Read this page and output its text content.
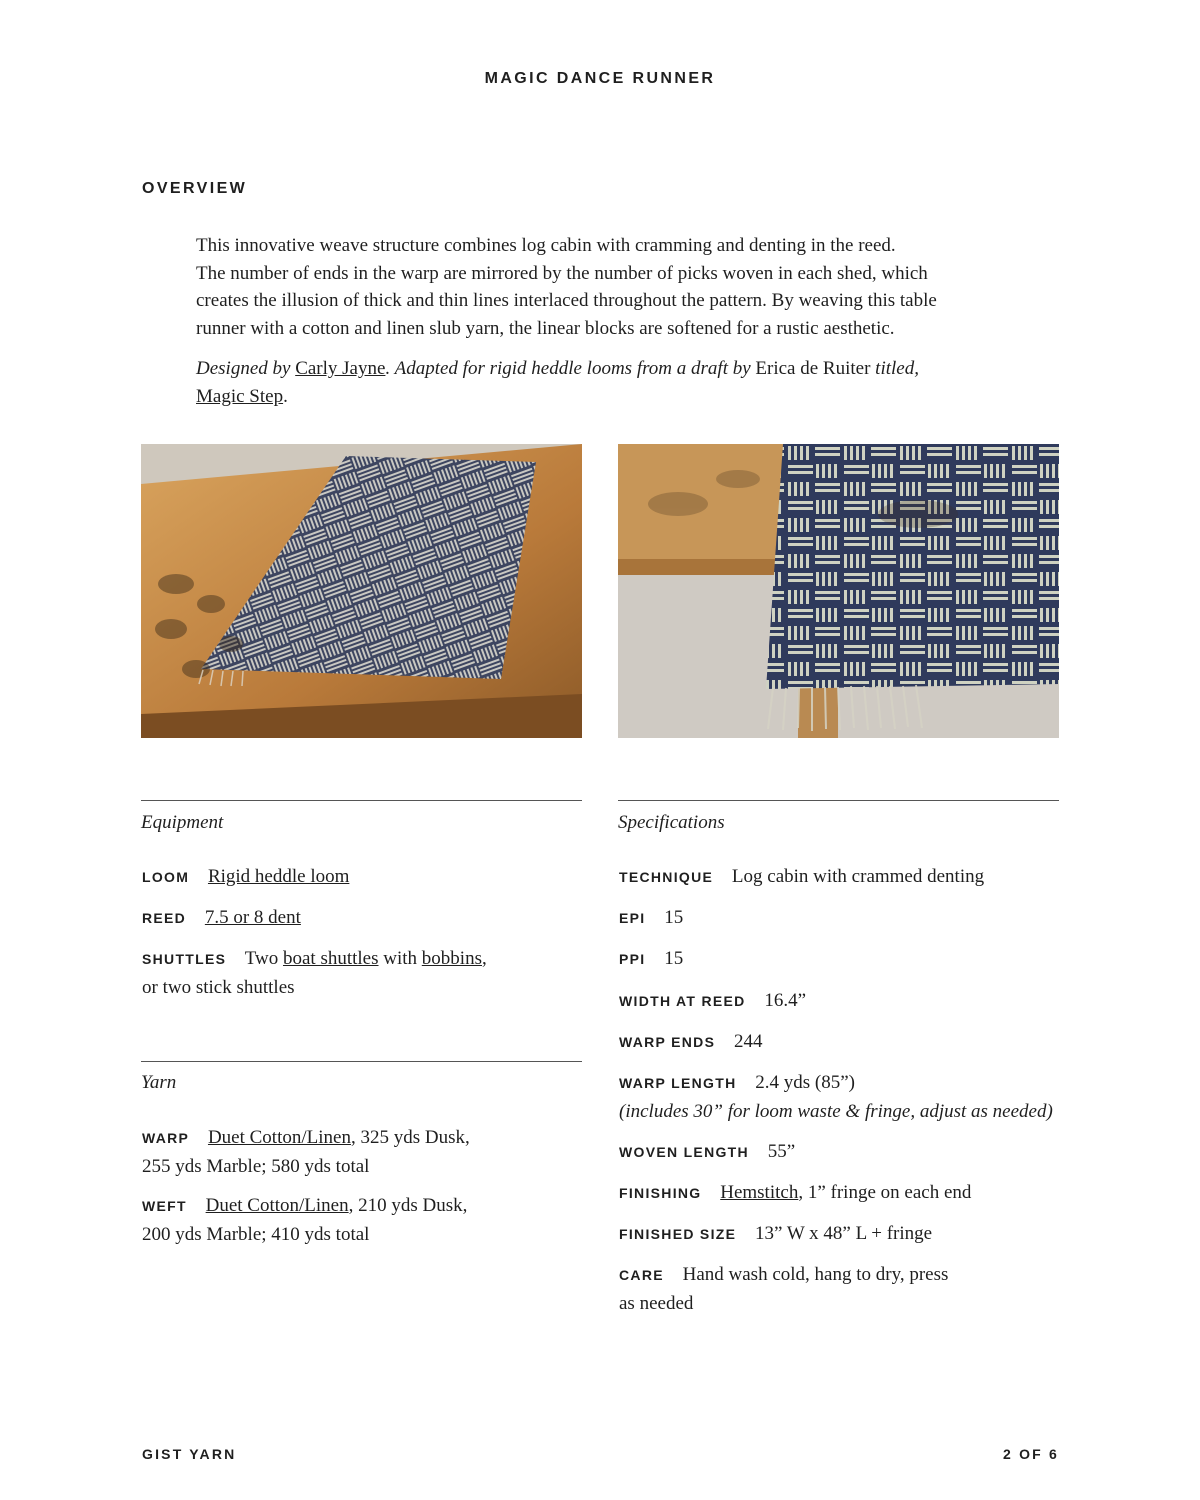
MAGIC DANCE RUNNER
OVERVIEW

This innovative weave structure combines log cabin with cramming and denting in the reed.

The number of ends in the warp are mirrored by the number of picks woven in each shed, which

creates the illusion of thick and thin lines interlaced throughout the pattern. By weaving this table

runner with a cotton and linen slub yarn, the linear blocks are softened for a rustic aesthetic.

Designed by Carly Jayne. Adapted for rigid heddle looms from a draft by Erica de Ruiter titled,
Magic Step.
Equipment
LOOM Rigid heddle loom
REED 7.5 or 8 dent
SHUTTLES Two boat shuttles with bobbins,
or two stick shuttles
Yarn
WARP Duet Cotton/Linen, 325 yds Dusk,
255 yds Marble; 580 yds total
WEFT Duet Cotton/Linen, 210 yds Dusk,
200 yds Marble; 410 yds total
Specifications
TECHNIQUE Log cabin with crammed denting
EPI 15
PPI 15
WIDTH AT REED 16.4”
WARP ENDS 244
WARP LENGTH 2.4 yds (85”)
(includes 30” for loom waste & fringe, adjust as needed)
WOVEN LENGTH 55”
FINISHING Hemstitch, 1” fringe on each end
FINISHED SIZE 13” W x 48” L + fringe
CARE Hand wash cold, hang to dry, press
as needed
GIST YARN	2 OF 6
